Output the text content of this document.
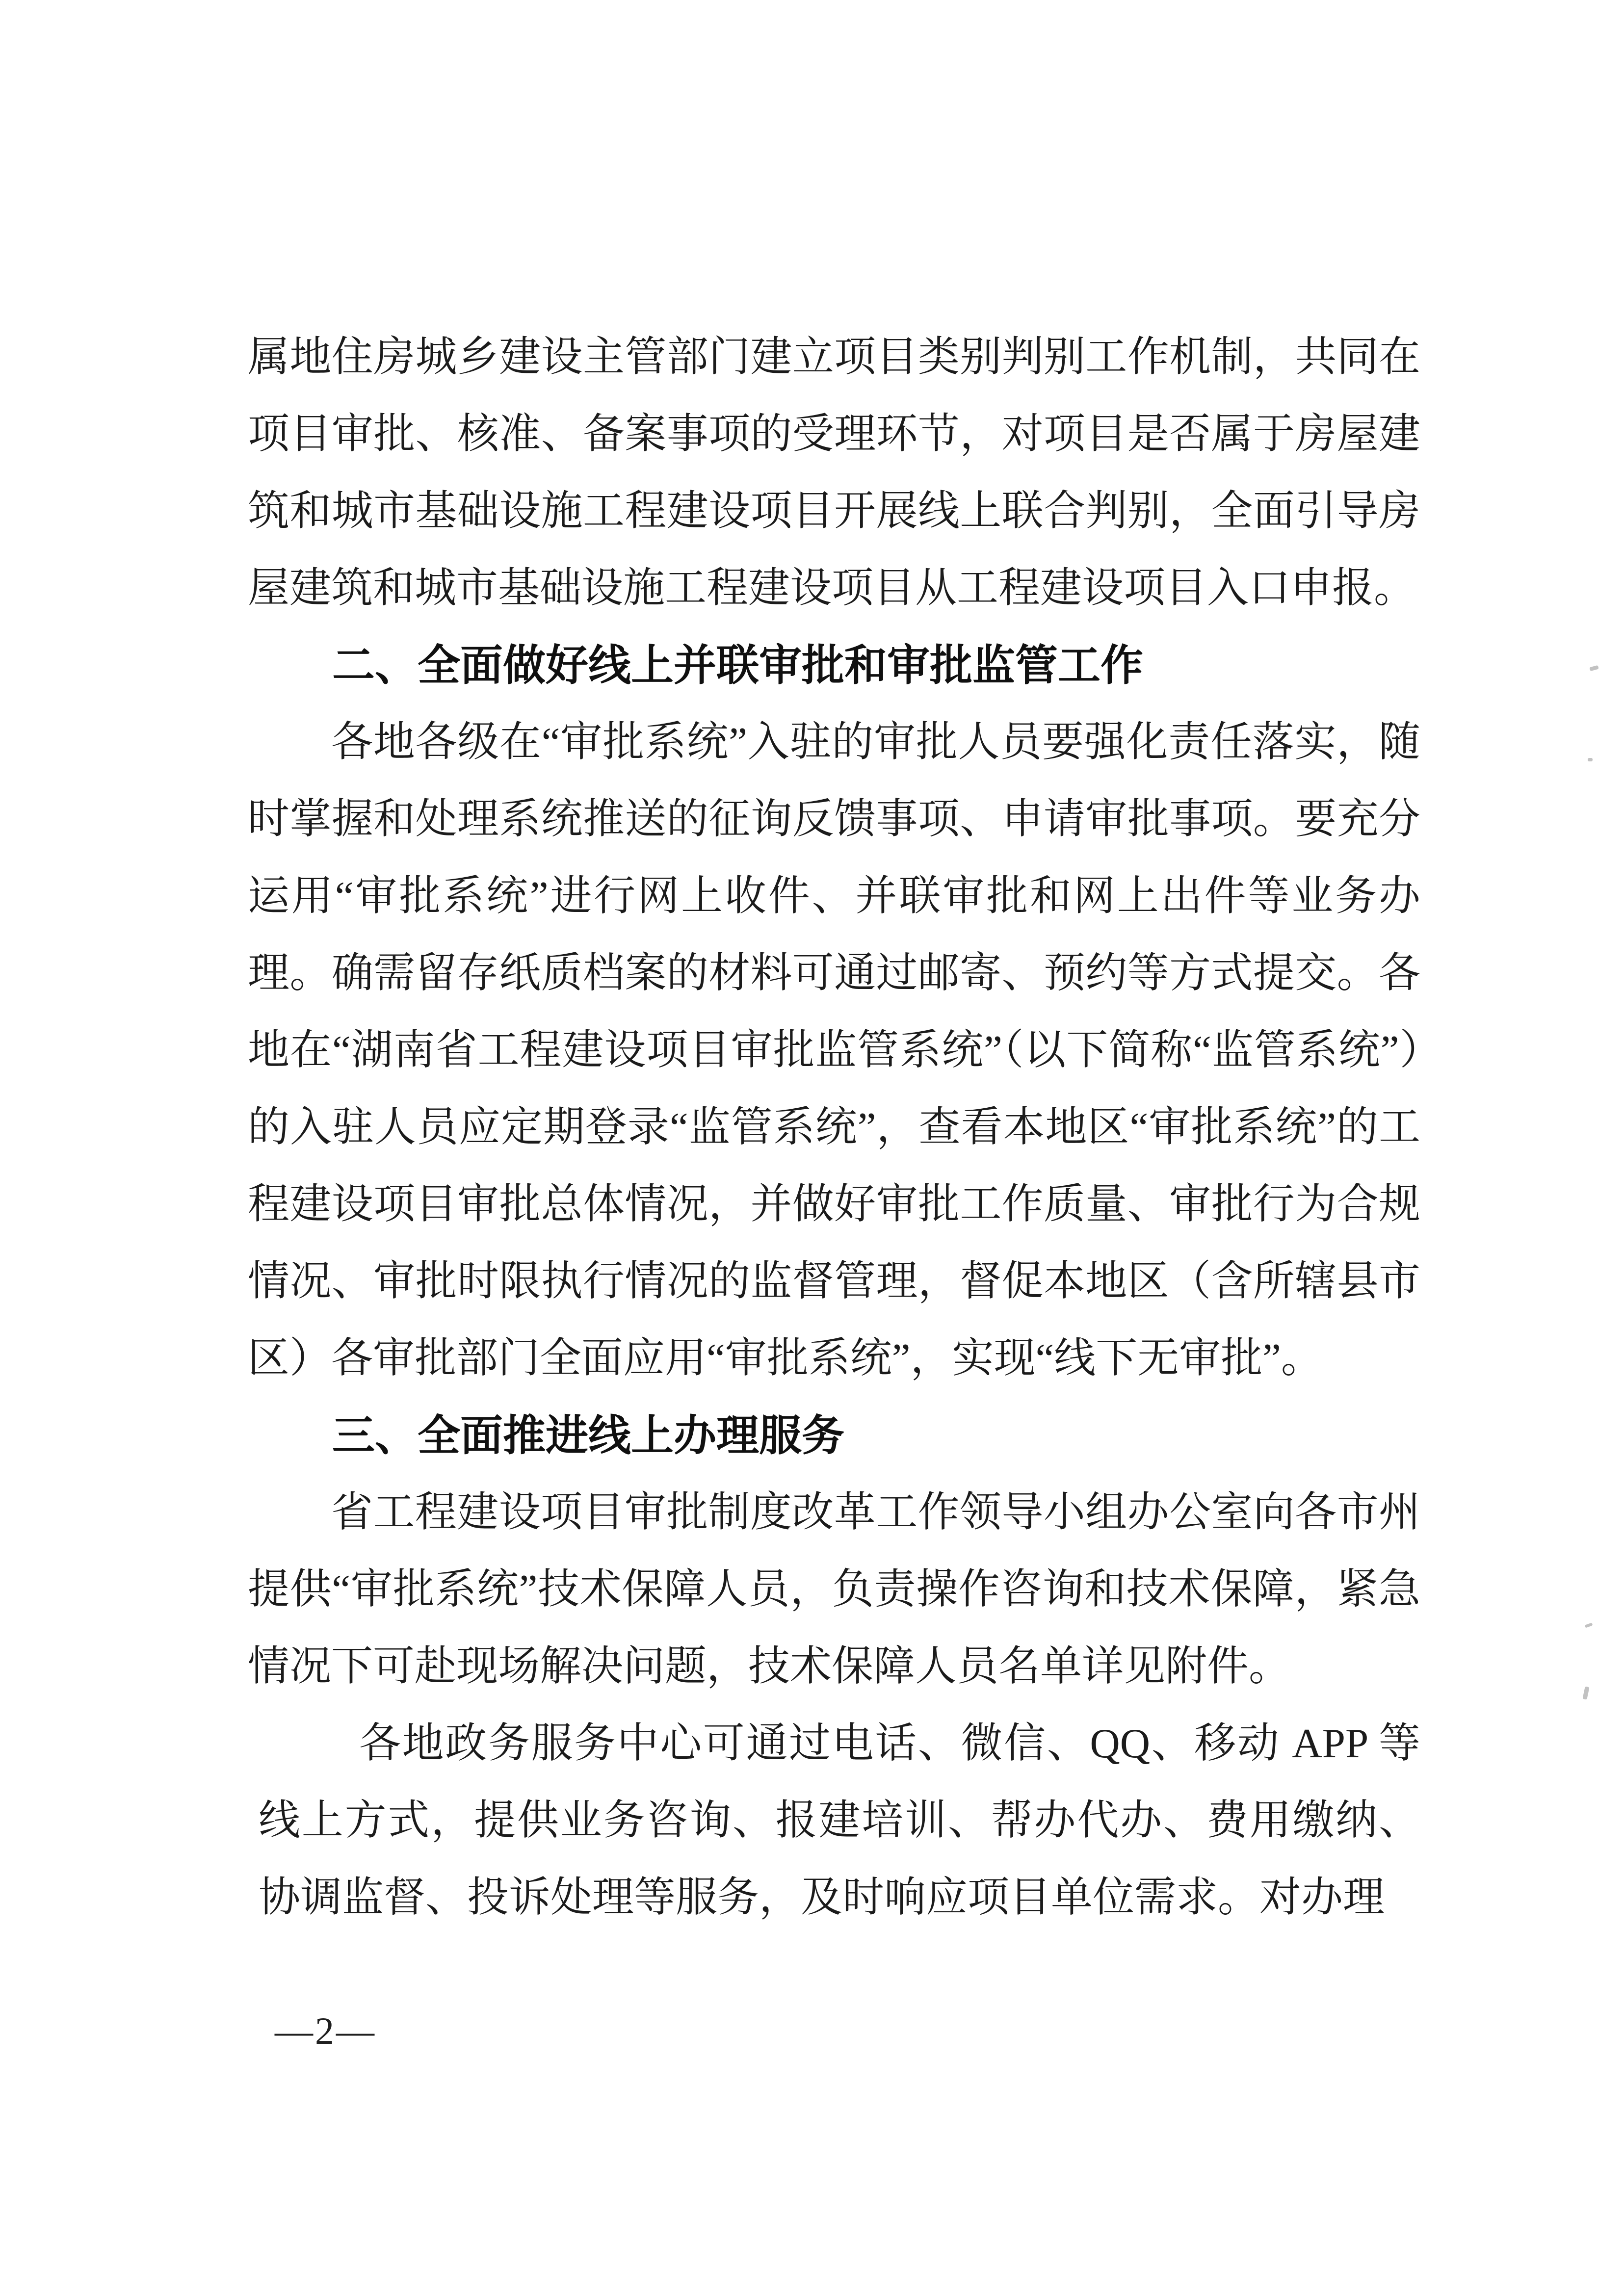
属地住房城乡建设主管部门建立项目类别判别工作机制，共同在项目审批、核准、备案事项的受理环节，对项目是否属于房屋建筑和城市基础设施工程建设项目开展线上联合判别，全面引导房屋建筑和城市基础设施工程建设项目从工程建设项目入口申报。

二、全面做好线上并联审批和审批监管工作

各地各级在“审批系统”入驻的审批人员要强化责任落实，随时掌握和处理系统推送的征询反馈事项、申请审批事项。要充分运用“审批系统”进行网上收件、并联审批和网上出件等业务办理。确需留存纸质档案的材料可通过邮寄、预约等方式提交。各地在“湖南省工程建设项目审批监管系统”（以下简称“监管系统”）的入驻人员应定期登录“监管系统”，查看本地区“审批系统”的工程建设项目审批总体情况，并做好审批工作质量、审批行为合规情况、审批时限执行情况的监督管理，督促本地区（含所辖县市区）各审批部门全面应用“审批系统”，实现“线下无审批”。

三、全面推进线上办理服务

省工程建设项目审批制度改革工作领导小组办公室向各市州提供“审批系统”技术保障人员，负责操作咨询和技术保障，紧急情况下可赴现场解决问题，技术保障人员名单详见附件。

各地政务服务中心可通过电话、微信、QQ、移动 APP 等线上方式，提供业务咨询、报建培训、帮办代办、费用缴纳、协调监督、投诉处理等服务，及时响应项目单位需求。对办理

—2—
